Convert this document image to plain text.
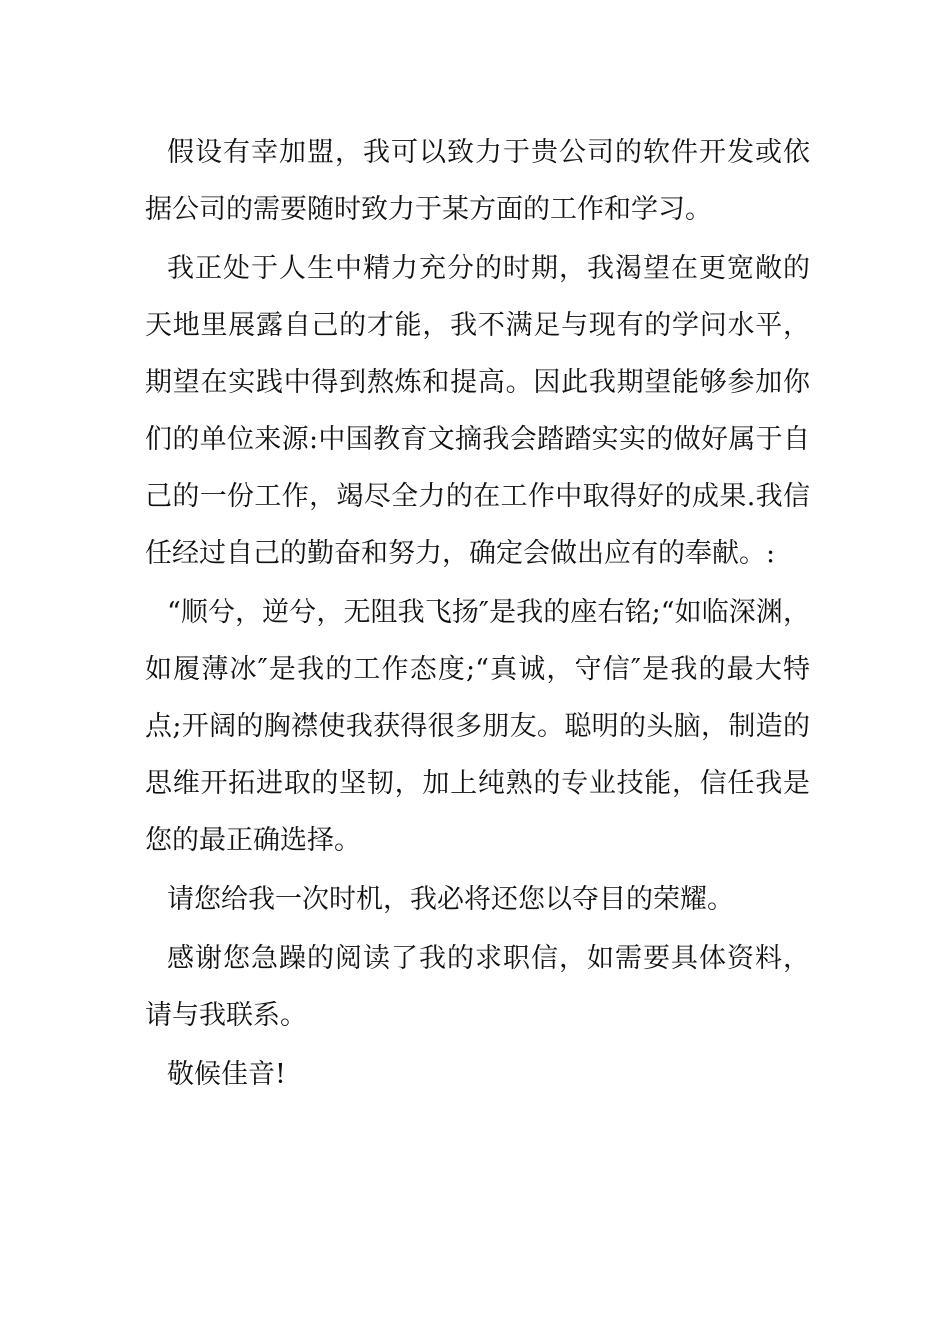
假设有幸加盟，我可以致力于贵公司的软件开发或依据公司的需要随时致力于某方面的工作和学习。

我正处于人生中精力充分的时期，我渴望在更宽敞的天地里展露自己的才能，我不满足与现有的学问水平，期望在实践中得到熬炼和提高。因此我期望能够参加你们的单位来源:中国教育文摘我会踏踏实实的做好属于自己的一份工作，竭尽全力的在工作中取得好的成果.我信任经过自己的勤奋和努力，确定会做出应有的奉献。:

“顺兮，逆兮，无阻我飞扬″是我的座右铭;“如临深渊，如履薄冰″是我的工作态度;“真诚，守信″是我的最大特点;开阔的胸襟使我获得很多朋友。聪明的头脑，制造的思维开拓进取的坚韧，加上纯熟的专业技能，信任我是您的最正确选择。

请您给我一次时机，我必将还您以夺目的荣耀。

感谢您急躁的阅读了我的求职信，如需要具体资料，请与我联系。

敬候佳音!
